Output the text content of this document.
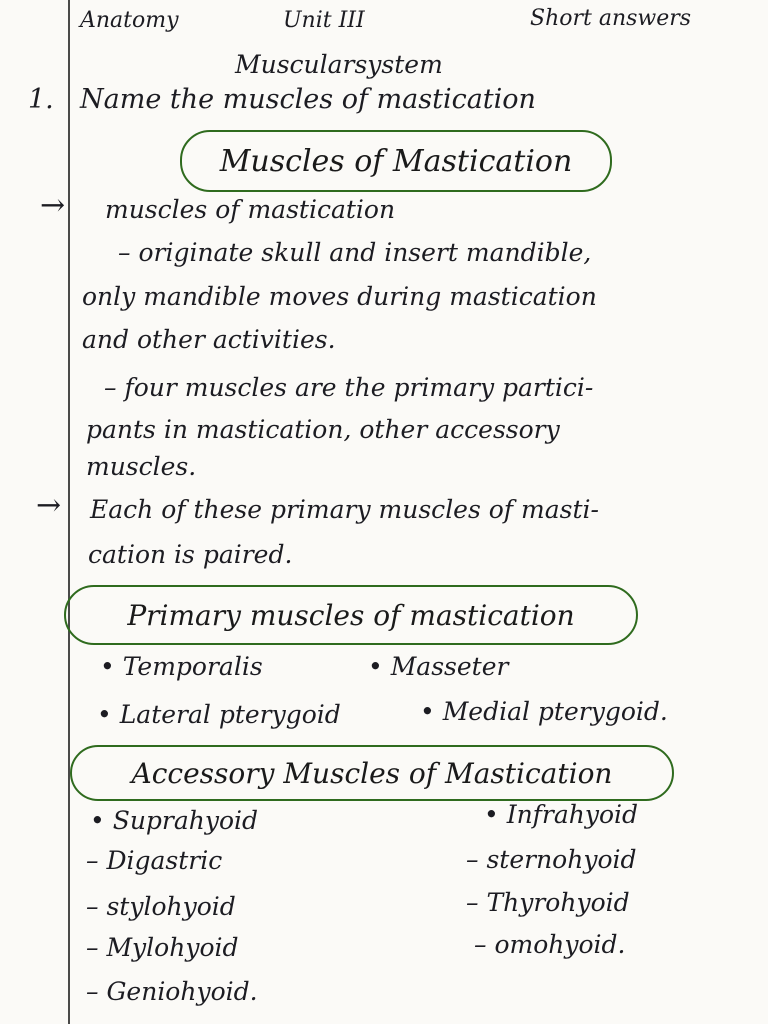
Anatomy	Unit III	Short answers
Muscularsystem
1. Name the muscles of mastication
Muscles of Mastication
→ muscles of mastication
– originate skull and insert mandible,
only mandible moves during mastication
and other activities.
– four muscles are the primary partici-
pants in mastication, other accessory
muscles.
→ Each of these primary muscles of masti-
cation is paired.
Primary muscles of mastication
• Temporalis	• Masseter
• Lateral pterygoid	• Medial pterygoid.
Accessory Muscles of Mastication
• Suprahyoid
– Digastric
– stylohyoid
– Mylohyoid
– Geniohyoid.
• Infrahyoid
– sternohyoid
– Thyrohyoid
– omohyoid.
